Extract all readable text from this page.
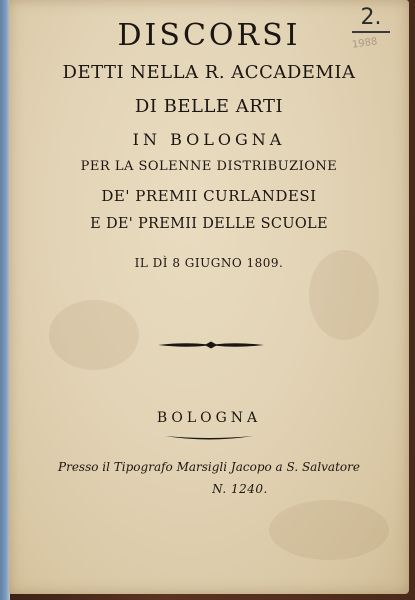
2.
1988
DISCORSI
DETTI NELLA R. ACCADEMIA
DI BELLE ARTI
IN BOLOGNA
PER LA SOLENNE DISTRIBUZIONE
DE' PREMII CURLANDESI
E DE' PREMII DELLE SCUOLE
IL DÌ 8 GIUGNO 1809.
BOLOGNA
Presso il Tipografo Marsigli Jacopo a S. Salvatore
N. 1240.
